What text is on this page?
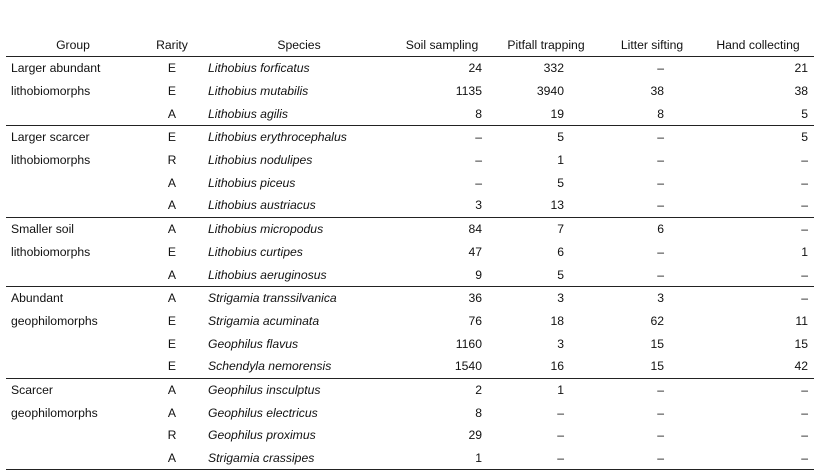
Group	Rarity	Species	Soil sampling	Pitfall trapping	Litter sifting	Hand collecting
Larger abundant	E	Lithobius forficatus	24	332	–	21
lithobiomorphs	E	Lithobius mutabilis	1135	3940	38	38
	A	Lithobius agilis	8	19	8	5
Larger scarcer	E	Lithobius erythrocephalus	–	5	–	5
lithobiomorphs	R	Lithobius nodulipes	–	1	–	–
	A	Lithobius piceus	–	5	–	–
	A	Lithobius austriacus	3	13	–	–
Smaller soil	A	Lithobius micropodus	84	7	6	–
lithobiomorphs	E	Lithobius curtipes	47	6	–	1
	A	Lithobius aeruginosus	9	5	–	–
Abundant	A	Strigamia transsilvanica	36	3	3	–
geophilomorphs	E	Strigamia acuminata	76	18	62	11
	E	Geophilus flavus	1160	3	15	15
	E	Schendyla nemorensis	1540	16	15	42
Scarcer	A	Geophilus insculptus	2	1	–	–
geophilomorphs	A	Geophilus electricus	8	–	–	–
	R	Geophilus proximus	29	–	–	–
	A	Strigamia crassipes	1	–	–	–
